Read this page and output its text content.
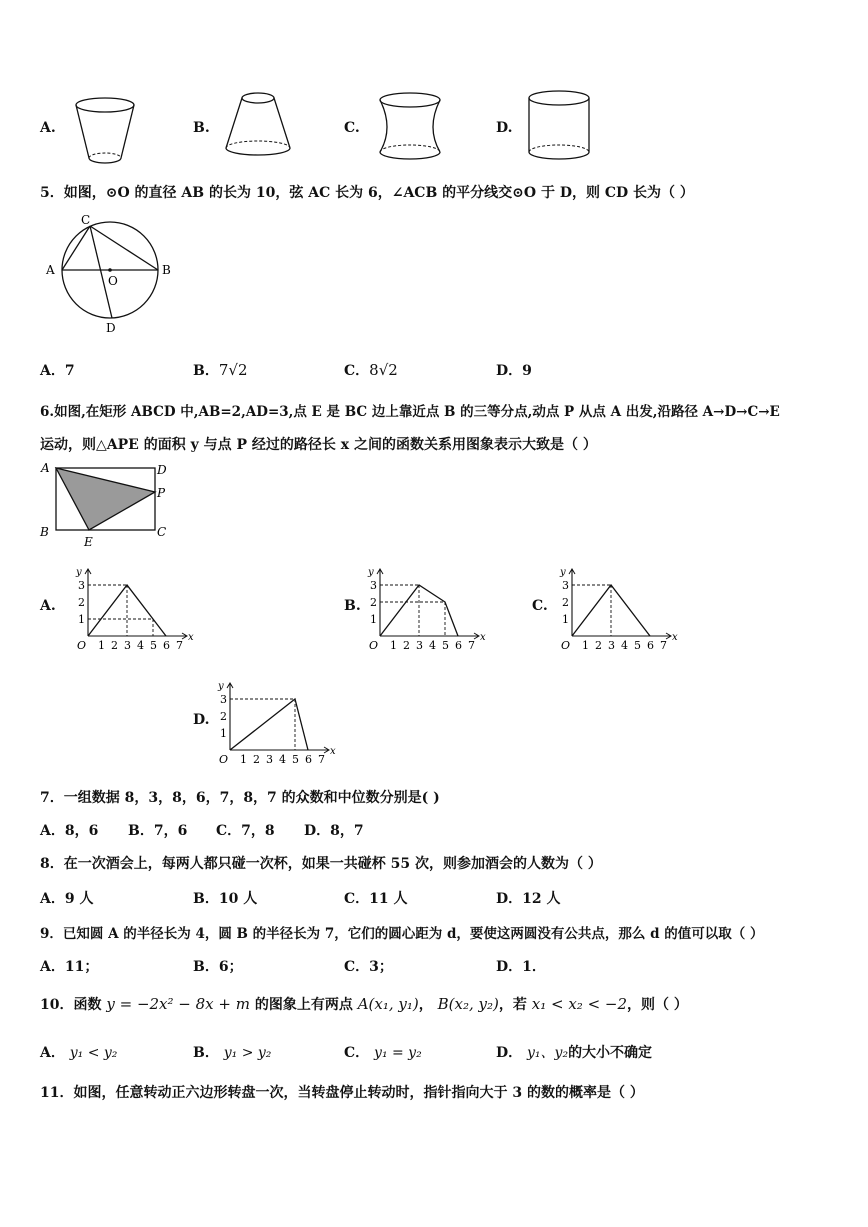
A.	B.	C.	D.
5．如图，⊙O 的直径 AB 的长为 10，弦 AC 长为 6，∠ACB 的平分线交⊙O 于 D，则 CD 长为（ ）
C
A	B
O
D
A．7	B．7√2	C．8√2	D．9
6.如图,在矩形 ABCD 中,AB=2,AD=3,点 E 是 BC 边上靠近点 B 的三等分点,动点 P 从点 A 出发,沿路径 A→D→C→E
运动，则△APE 的面积 y 与点 P 经过的路径长 x 之间的函数关系用图象表示大致是（ ）
A	D
P
B	C
E
A.
x
y
O 1 2 3 4 5 6 7
1
2
3
B.
x
y
O 1 2 3 4 5 6 7
1
2
3
C.
x
y
O 1 2 3 4 5 6 7
1
2
3
D.
x
y
O 1 2 3 4 5 6 7
1
2
3
7．一组数据 8，3，8，6，7，8，7 的众数和中位数分别是( )
A．8，6 B．7，6 C．7，8 D．8，7
8．在一次酒会上，每两人都只碰一次杯，如果一共碰杯 55 次，则参加酒会的人数为（ ）
A．9 人	B．10 人	C．11 人	D．12 人
9．已知圆 A 的半径长为 4，圆 B 的半径长为 7，它们的圆心距为 d，要使这两圆没有公共点，那么 d 的值可以取（ ）
A．11；	B．6；	C．3；	D．1．
10．函数 y = −2x² − 8x + m 的图象上有两点 A(x₁, y₁)， B(x₂, y₂)，若 x₁ < x₂ < −2，则（ ）
A． y₁ < y₂	B． y₁ > y₂	C． y₁ = y₂	D． y₁、y₂的大小不确定
11．如图，任意转动正六边形转盘一次，当转盘停止转动时，指针指向大于 3 的数的概率是（ ）
